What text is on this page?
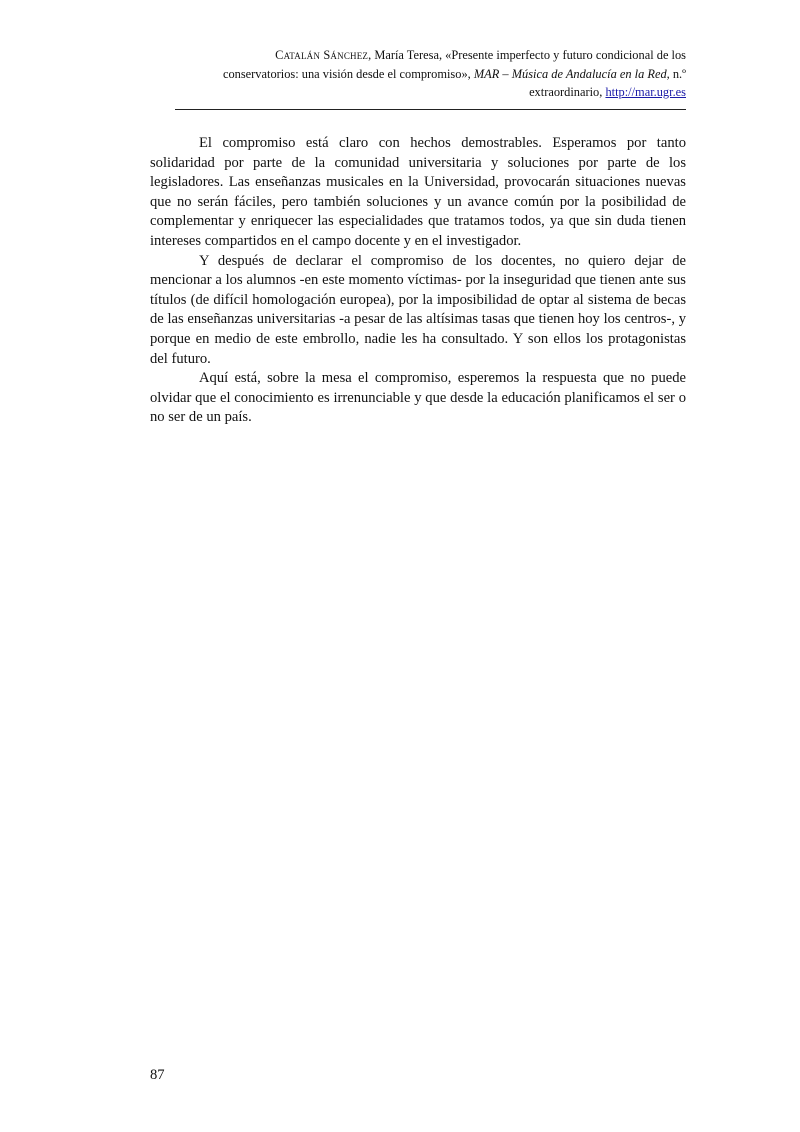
Catalán Sánchez, María Teresa, «Presente imperfecto y futuro condicional de los
conservatorios: una visión desde el compromiso», MAR – Música de Andalucía en la Red, n.º
extraordinario, http://mar.ugr.es

El compromiso está claro con hechos demostrables. Esperamos por tanto solidaridad por parte de la comunidad universitaria y soluciones por parte de los legisladores. Las enseñanzas musicales en la Universidad, provocarán situaciones nuevas que no serán fáciles, pero también soluciones y un avance común por la posibilidad de complementar y enriquecer las especialidades que tratamos todos, ya que sin duda tienen intereses compartidos en el campo docente y en el investigador.

Y después de declarar el compromiso de los docentes, no quiero dejar de mencionar a los alumnos -en este momento víctimas- por la inseguridad que tienen ante sus títulos (de difícil homologación europea), por la imposibilidad de optar al sistema de becas de las enseñanzas universitarias -a pesar de las altísimas tasas que tienen hoy los centros-, y porque en medio de este embrollo, nadie les ha consultado. Y son ellos los protagonistas del futuro.

Aquí está, sobre la mesa el compromiso, esperemos la respuesta que no puede olvidar que el conocimiento es irrenunciable y que desde la educación planificamos el ser o no ser de un país.

87
